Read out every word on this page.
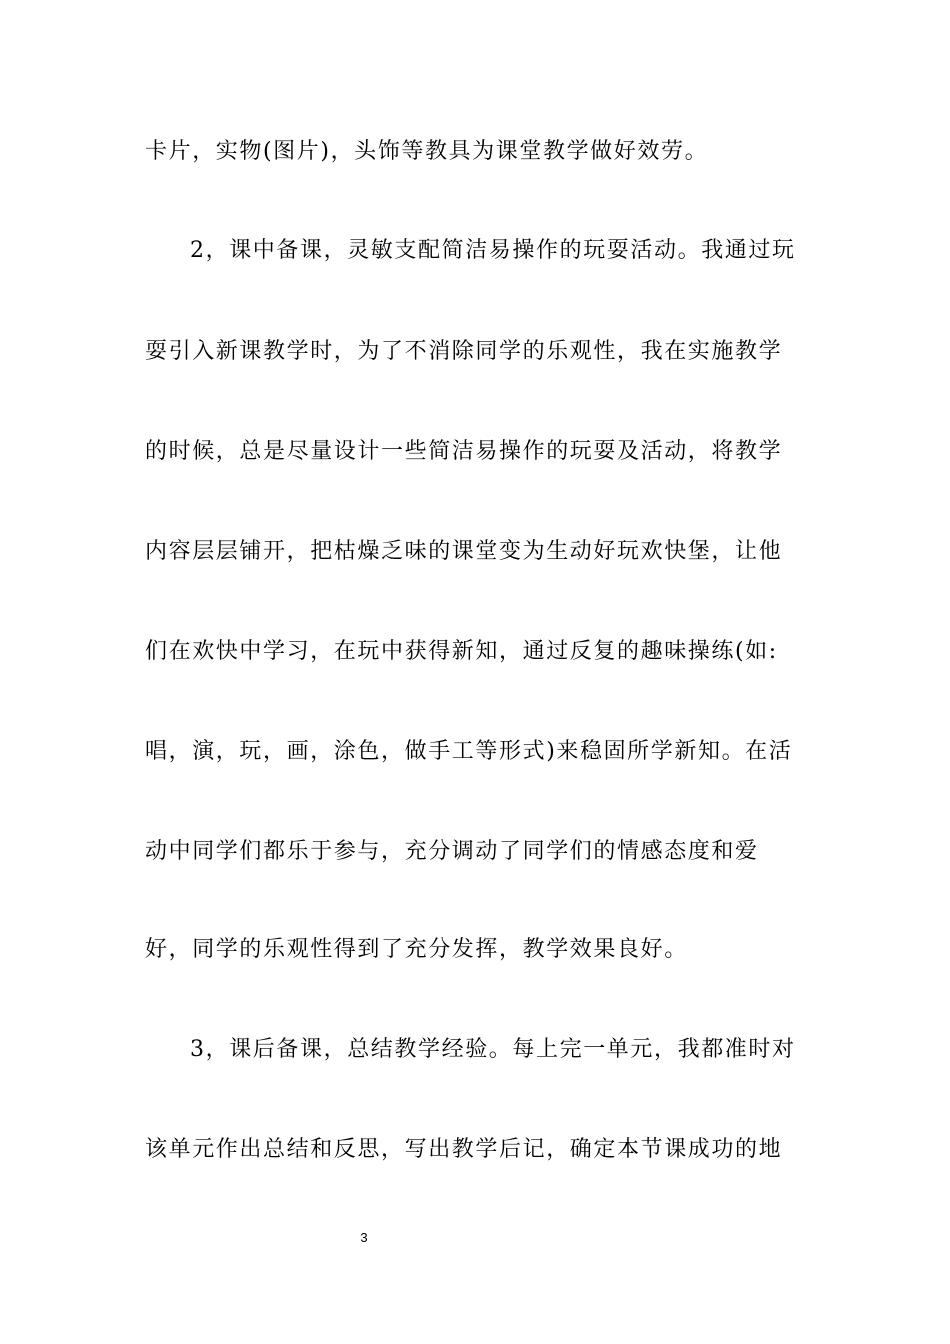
卡片，实物(图片)，头饰等教具为课堂教学做好效劳。
2，课中备课，灵敏支配简洁易操作的玩耍活动。我通过玩
耍引入新课教学时，为了不消除同学的乐观性，我在实施教学
的时候，总是尽量设计一些简洁易操作的玩耍及活动，将教学
内容层层铺开，把枯燥乏味的课堂变为生动好玩欢快堡，让他
们在欢快中学习，在玩中获得新知，通过反复的趣味操练(如:
唱，演，玩，画，涂色，做手工等形式)来稳固所学新知。在活
动中同学们都乐于参与，充分调动了同学们的情感态度和爱
好，同学的乐观性得到了充分发挥，教学效果良好。
3，课后备课，总结教学经验。每上完一单元，我都准时对
该单元作出总结和反思，写出教学后记，确定本节课成功的地
3
